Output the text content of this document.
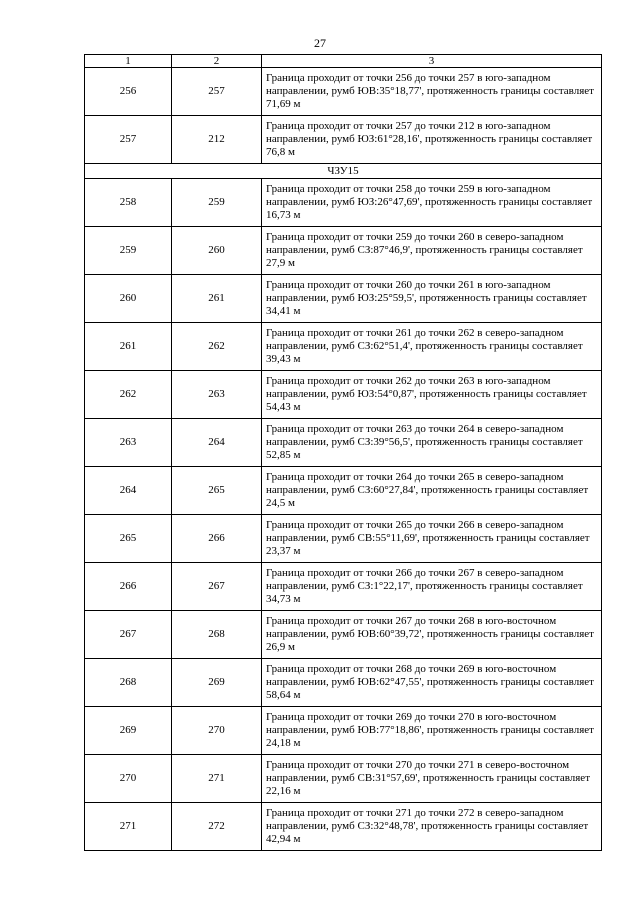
27
1	2	3
256	257	Граница проходит от точки 256 до точки 257 в юго-западном направлении, румб ЮВ:35°18,77', протяженность границы составляет 71,69 м
257	212	Граница проходит от точки 257 до точки 212 в юго-западном направлении, румб ЮЗ:61°28,16', протяженность границы составляет 76,8 м
ЧЗУ15		
258	259	Граница проходит от точки 258 до точки 259 в юго-западном направлении, румб ЮЗ:26°47,69', протяженность границы составляет 16,73 м
259	260	Граница проходит от точки 259 до точки 260 в северо-западном направлении, румб СЗ:87°46,9', протяженность границы составляет 27,9 м
260	261	Граница проходит от точки 260 до точки 261 в юго-западном направлении, румб ЮЗ:25°59,5', протяженность границы составляет 34,41 м
261	262	Граница проходит от точки 261 до точки 262 в северо-западном направлении, румб СЗ:62°51,4', протяженность границы составляет 39,43 м
262	263	Граница проходит от точки 262 до точки 263 в юго-западном направлении, румб ЮЗ:54°0,87', протяженность границы составляет 54,43 м
263	264	Граница проходит от точки 263 до точки 264 в северо-западном направлении, румб СЗ:39°56,5', протяженность границы составляет 52,85 м
264	265	Граница проходит от точки 264 до точки 265 в северо-западном направлении, румб СЗ:60°27,84', протяженность границы составляет 24,5 м
265	266	Граница проходит от точки 265 до точки 266 в северо-западном направлении, румб СВ:55°11,69', протяженность границы составляет 23,37 м
266	267	Граница проходит от точки 266 до точки 267 в северо-западном направлении, румб СЗ:1°22,17', протяженность границы составляет 34,73 м
267	268	Граница проходит от точки 267 до точки 268 в юго-восточном направлении, румб ЮВ:60°39,72', протяженность границы составляет 26,9 м
268	269	Граница проходит от точки 268 до точки 269 в юго-восточном направлении, румб ЮВ:62°47,55', протяженность границы составляет 58,64 м
269	270	Граница проходит от точки 269 до точки 270 в юго-восточном направлении, румб ЮВ:77°18,86', протяженность границы составляет 24,18 м
270	271	Граница проходит от точки 270 до точки 271 в северо-восточном направлении, румб СВ:31°57,69', протяженность границы составляет 22,16 м
271	272	Граница проходит от точки 271 до точки 272 в северо-западном направлении, румб СЗ:32°48,78', протяженность границы составляет 42,94 м
